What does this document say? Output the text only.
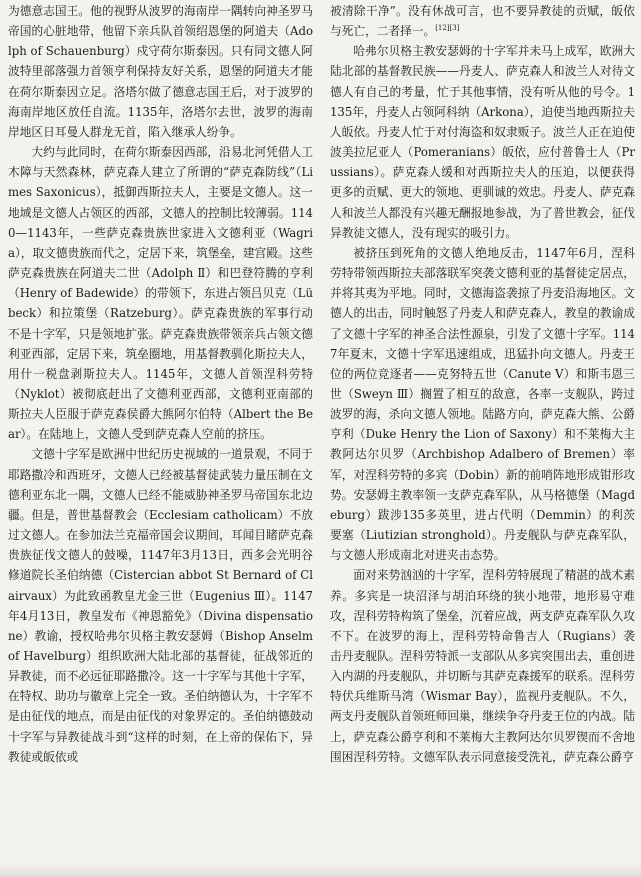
为德意志国王。他的视野从波罗的海南岸一隅转向神圣罗马帝国的心脏地带，他留下亲兵队首领绍恩堡的阿道夫（Adolph of Schauenburg）戍守荷尔斯泰因。只有同文德人阿波特里部落强力首领亨利保持友好关系，恩堡的阿道夫才能在荷尔斯泰因立足。洛塔尔做了德意志国王后，对于波罗的海南岸地区放任自流。1135年，洛塔尔去世，波罗的海南岸地区日耳曼人群龙无首，陷入继承人纷争。

大约与此同时，在荷尔斯泰因西部，沿易北河凭借人工木障与天然森林，萨克森人建立了所谓的“萨克森防线”（Limes Saxonicus），抵御西斯拉夫人，主要是文德人。这一地域是文德人占领区的西部，文德人的控制比较薄弱。1140—1143年，一些萨克森贵族世家进入文德利亚（Wagria），取文德贵族而代之，定居下来，筑堡垒，建宫殿。这些萨克森贵族在阿道夫二世（Adolph Ⅱ）和巴登符腾的亨利（Henry of Badewide）的带领下，东进占领吕贝克（Lübeck）和拉策堡（Ratzeburg）。萨克森贵族的军事行动不是十字军，只是领地扩张。萨克森贵族带领亲兵占领文德利亚西部，定居下来，筑垒圈地，用基督教驯化斯拉夫人，用什一税盘剥斯拉夫人。1145年，文德人首领涅科劳特（Nyklot）被彻底赶出了文德利亚西部，文德利亚南部的斯拉夫人臣服于萨克森侯爵大熊阿尔伯特（Albert the Bear）。在陆地上，文德人受到萨克森人空前的挤压。

文德十字军是欧洲中世纪历史视域的一道景观，不同于耶路撒冷和西班牙，文德人已经被基督徒武装力量压制在文德利亚东北一隅，文德人已经不能威胁神圣罗马帝国东北边疆。但是，普世基督教会（Ecclesiam catholicam）不放过文德人。在参加法兰克福帝国会议期间，耳闻目睹萨克森贵族征伐文德人的鼓噪，1147年3月13日，西多会光明谷修道院长圣伯纳德（Cistercian abbot St Bernard of Clairvaux）为此致函教皇尤金三世（Eugenius Ⅲ）。1147年4月13日，教皇发布《神恩豁免》（Divina dispensatione）教谕，授权哈弗尔贝格主教安瑟姆（Bishop Anselm of Havelburg）组织欧洲大陆北部的基督徒，征战邻近的异教徒，而不必远征耶路撒冷。这一十字军与其他十字军，在特权、助功与徽章上完全一致。圣伯纳德认为，十字军不是由征伐的地点，而是由征伐的对象界定的。圣伯纳德鼓动十字军与异教徒战斗到“这样的时刻，在上帝的保佑下，异教徒或皈依或

被清除干净”。没有休战可言，也不要异教徒的贡赋，皈依与死亡，二者择一。[12][3]

哈弗尔贝格主教安瑟姆的十字军并未马上成军，欧洲大陆北部的基督教民族——丹麦人、萨克森人和波兰人对待文德人有自己的考量，忙于其他事情，没有听从他的号令。1135年，丹麦人占领阿科纳（Arkona），迫使当地西斯拉夫人皈依。丹麦人忙于对付海盗和奴隶贩子。波兰人正在迫使波美拉尼亚人（Pomeranians）皈依，应付普鲁士人（Prussians）。萨克森人缓和对西斯拉夫人的压迫，以便获得更多的贡赋、更大的领地、更驯诚的效忠。丹麦人、萨克森人和波兰人都没有兴趣无酬报地参战，为了普世教会，征伐异教徒文德人，没有现实的吸引力。

被挤压到死角的文德人绝地反击，1147年6月，涅科劳特带领西斯拉夫部落联军突袭文德利亚的基督徒定居点，并将其夷为平地。同时，文德海盗袭掠了丹麦沿海地区。文德人的出击，同时触怒了丹麦人和萨克森人，教皇的教谕成了文德十字军的神圣合法性源泉，引发了文德十字军。1147年夏末，文德十字军迅速组成，迅猛扑向文德人。丹麦王位的两位竞逐者——克努特五世（Canute Ⅴ）和斯韦恩三世（Sweyn Ⅲ）搁置了相互的敌意，各率一支舰队，跨过波罗的海，杀向文德人领地。陆路方向，萨克森大熊、公爵亨利（Duke Henry the Lion of Saxony）和不莱梅大主教阿达尔贝罗（Archbishop Adalbero of Bremen）率军，对涅科劳特的多宾（Dobin）新的前哨阵地形成钳形攻势。安瑟姆主教率领一支萨克森军队，从马格德堡（Magdeburg）跋涉135多英里，进占代明（Demmin）的利茨要塞（Liutizian stronghold）。丹麦舰队与萨克森军队，与文德人形成南北对进夹击态势。

面对来势汹汹的十字军，涅科劳特展现了精湛的战术素养。多宾是一块沼泽与胡泊环绕的狭小地带，地形易守难攻，涅科劳特构筑了堡垒，沉着应战，两支萨克森军队久攻不下。在波罗的海上，涅科劳特命鲁吉人（Rugians）袭击丹麦舰队。涅科劳特派一支部队从多宾突围出去，重创进入内湖的丹麦舰队，并切断与其萨克森援军的联系。涅科劳特伏兵维斯马湾（Wismar Bay），监视丹麦舰队。不久，两支丹麦舰队首领班师回巢，继续争夺丹麦王位的内战。陆上，萨克森公爵亨利和不莱梅大主教阿达尔贝罗锲而不舍地围困涅科劳特。文德军队表示同意接受洗礼，萨克森公爵亨
